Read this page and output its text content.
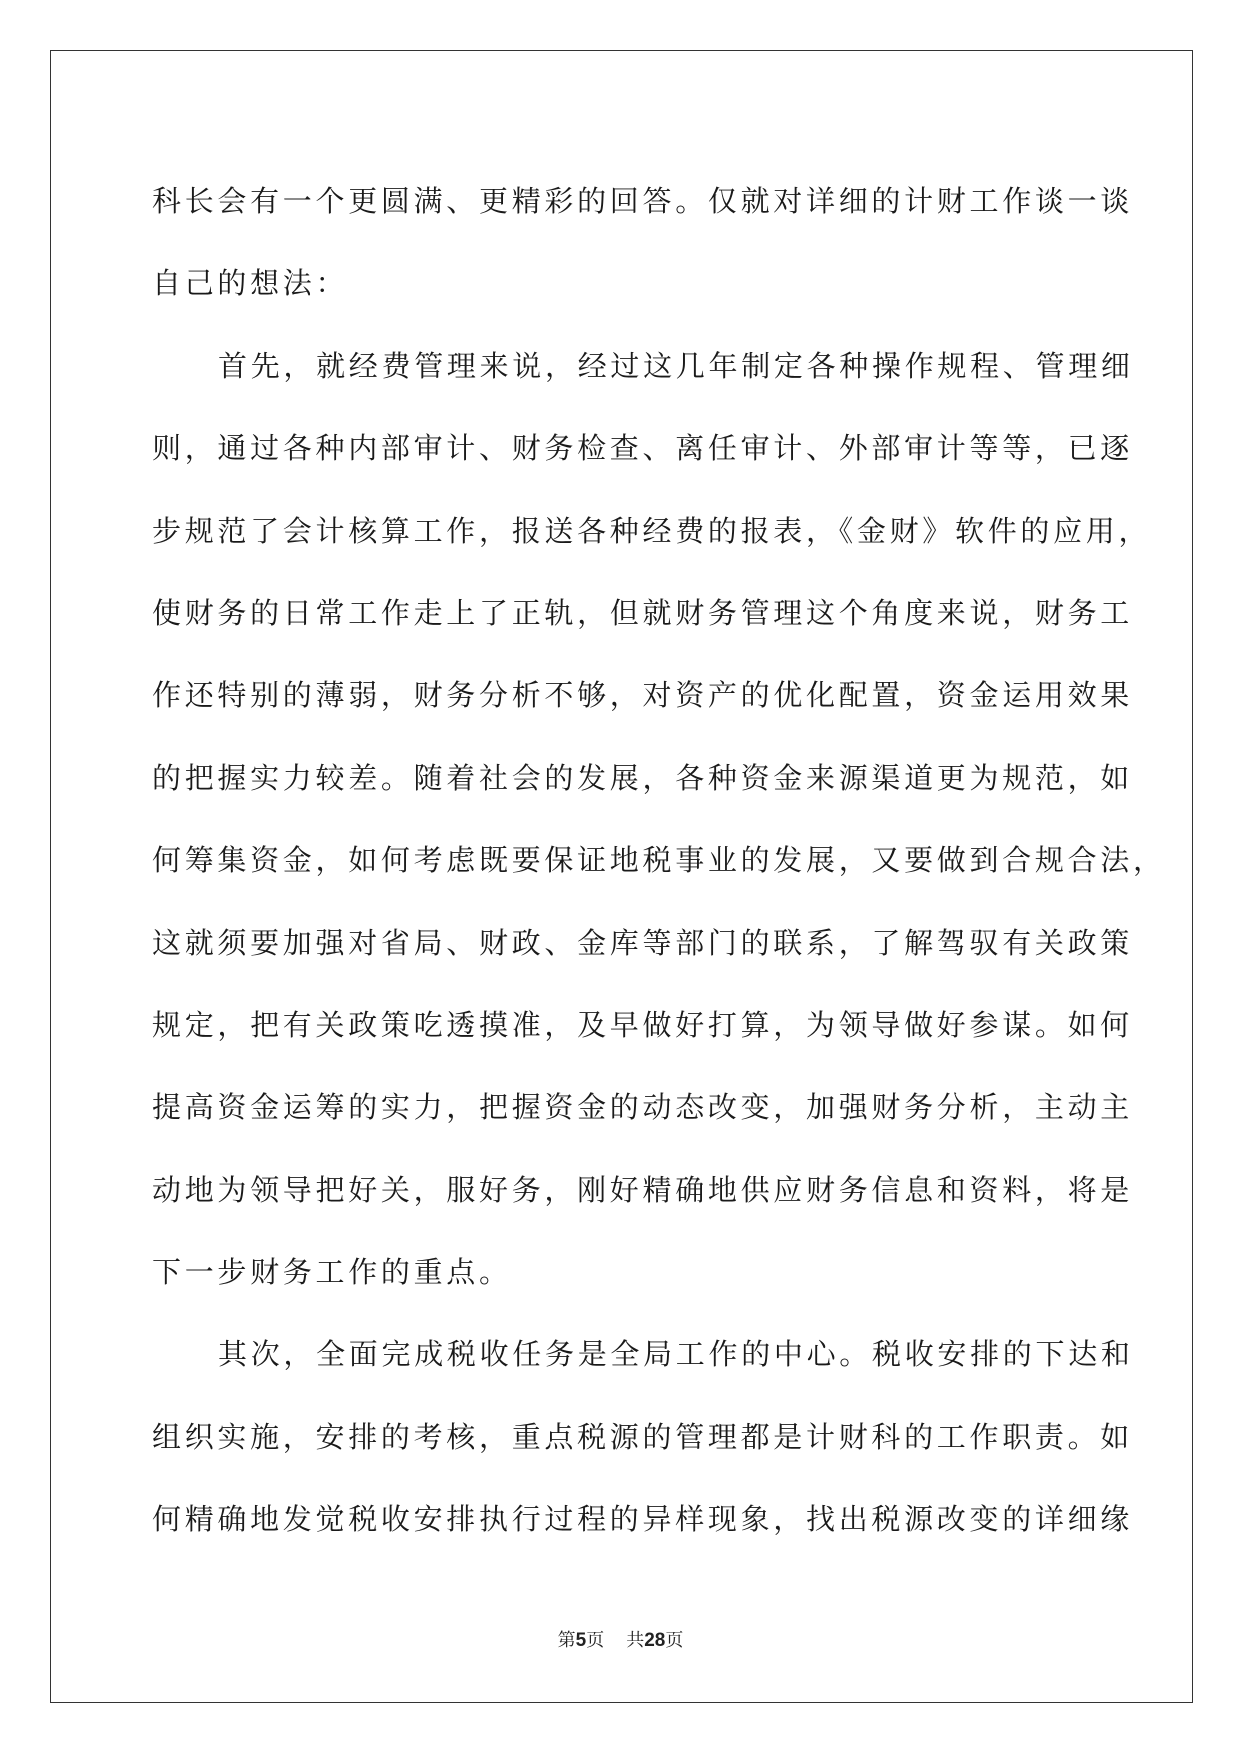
科长会有一个更圆满、更精彩的回答。仅就对详细的计财工作谈一谈
自己的想法：
首先，就经费管理来说，经过这几年制定各种操作规程、管理细
则，通过各种内部审计、财务检查、离任审计、外部审计等等，已逐
步规范了会计核算工作，报送各种经费的报表，《金财》软件的应用，
使财务的日常工作走上了正轨，但就财务管理这个角度来说，财务工
作还特别的薄弱，财务分析不够，对资产的优化配置，资金运用效果
的把握实力较差。随着社会的发展，各种资金来源渠道更为规范，如
何筹集资金，如何考虑既要保证地税事业的发展，又要做到合规合法，
这就须要加强对省局、财政、金库等部门的联系，了解驾驭有关政策
规定，把有关政策吃透摸准，及早做好打算，为领导做好参谋。如何
提高资金运筹的实力，把握资金的动态改变，加强财务分析，主动主
动地为领导把好关，服好务，刚好精确地供应财务信息和资料，将是
下一步财务工作的重点。
其次，全面完成税收任务是全局工作的中心。税收安排的下达和
组织实施，安排的考核，重点税源的管理都是计财科的工作职责。如
何精确地发觉税收安排执行过程的异样现象，找出税源改变的详细缘
第5页 共28页
